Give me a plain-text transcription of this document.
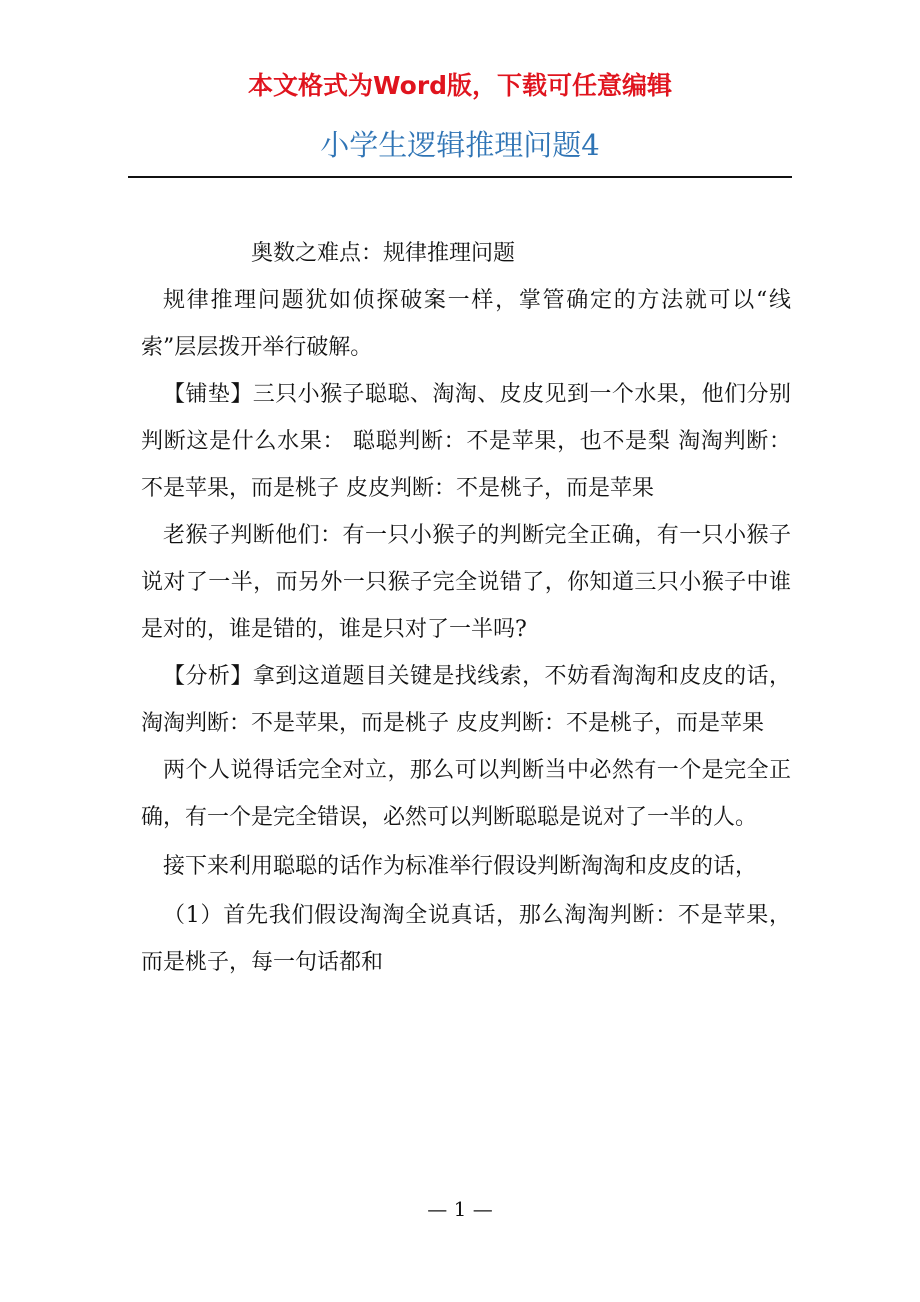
本文格式为Word版，下载可任意编辑
小学生逻辑推理问题4

奥数之难点：规律推理问题

规律推理问题犹如侦探破案一样，掌管确定的方法就可以“线索”层层拨开举行破解。

【铺垫】三只小猴子聪聪、淘淘、皮皮见到一个水果，他们分别判断这是什么水果： 聪聪判断：不是苹果，也不是梨 淘淘判断：不是苹果，而是桃子 皮皮判断：不是桃子，而是苹果

老猴子判断他们：有一只小猴子的判断完全正确，有一只小猴子说对了一半，而另外一只猴子完全说错了，你知道三只小猴子中谁是对的，谁是错的，谁是只对了一半吗?

【分析】拿到这道题目关键是找线索，不妨看淘淘和皮皮的话， 淘淘判断：不是苹果，而是桃子 皮皮判断：不是桃子，而是苹果

两个人说得话完全对立，那么可以判断当中必然有一个是完全正确，有一个是完全错误，必然可以判断聪聪是说对了一半的人。

接下来利用聪聪的话作为标准举行假设判断淘淘和皮皮的话，

（1）首先我们假设淘淘全说真话，那么淘淘判断：不是苹果，而是桃子，每一句话都和

— 1 —
